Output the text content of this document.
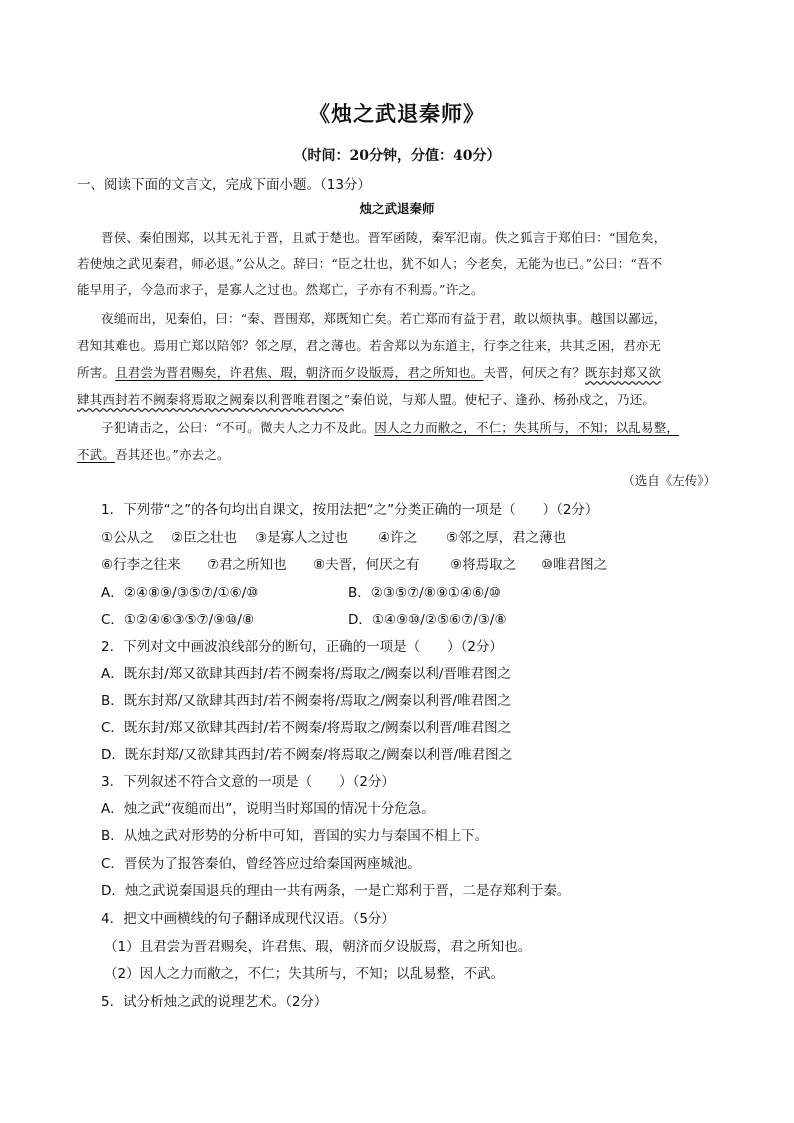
《烛之武退秦师》
（时间：20分钟，分值：40分）
一、阅读下面的文言文，完成下面小题。（13分）
烛之武退秦师
晋侯、秦伯围郑，以其无礼于晋，且贰于楚也。晋军函陵，秦军氾南。佚之狐言于郑伯曰：“国危矣，
若使烛之武见秦君，师必退。”公从之。辞曰：“臣之壮也，犹不如人；今老矣，无能为也已。”公曰：“吾不
能早用子，今急而求子，是寡人之过也。然郑亡，子亦有不利焉。”许之。
夜缒而出，见秦伯，曰：“秦、晋围郑，郑既知亡矣。若亡郑而有益于君，敢以烦执事。越国以鄙远，
君知其难也。焉用亡郑以陪邻？邻之厚，君之薄也。若舍郑以为东道主，行李之往来，共其乏困，君亦无
所害。且君尝为晋君赐矣，许君焦、瑕，朝济而夕设版焉，君之所知也。夫晋，何厌之有？既东封郑又欲
肆其西封若不阙秦将焉取之阙秦以利晋唯君图之”秦伯说，与郑人盟。使杞子、逢孙、杨孙戍之，乃还。
子犯请击之，公曰：“不可。微夫人之力不及此。因人之力而敝之，不仁；失其所与，不知；以乱易整，
不武。吾其还也。”亦去之。
（选自《左传》）
1．下列带“之”的各句均出自课文，按用法把“之”分类正确的一项是（　　）（2分）
①公从之 ②臣之壮也 ③是寡人之过也 ④许之 ⑤邻之厚，君之薄也
⑥行李之往来 ⑦君之所知也 ⑧夫晋，何厌之有 ⑨将焉取之 ⑩唯君图之
A．②④⑧⑨/③⑤⑦/①⑥/⑩	B．②③⑤⑦/⑧⑨①④⑥/⑩
C．①②④⑥③⑤⑦/⑨⑩/⑧	D．①④⑨⑩/②⑤⑥⑦/③/⑧
2．下列对文中画波浪线部分的断句，正确的一项是（　　）（2分）
A．既东封/郑又欲肆其西封/若不阙秦将/焉取之/阙秦以利/晋唯君图之
B．既东封郑/又欲肆其西封/若不阙秦将/焉取之/阙秦以利晋/唯君图之
C．既东封/郑又欲肆其西封/若不阙秦/将焉取之/阙秦以利晋/唯君图之
D．既东封郑/又欲肆其西封/若不阙秦/将焉取之/阙秦以利晋/唯君图之
3．下列叙述不符合文意的一项是（　　）（2分）
A．烛之武“夜缒而出”，说明当时郑国的情况十分危急。
B．从烛之武对形势的分析中可知，晋国的实力与秦国不相上下。
C．晋侯为了报答秦伯，曾经答应过给秦国两座城池。
D．烛之武说秦国退兵的理由一共有两条，一是亡郑利于晋，二是存郑利于秦。
4．把文中画横线的句子翻译成现代汉语。（5分）
（1）且君尝为晋君赐矣，许君焦、瑕，朝济而夕设版焉，君之所知也。
（2）因人之力而敝之，不仁；失其所与，不知；以乱易整，不武。
5．试分析烛之武的说理艺术。（2分）
